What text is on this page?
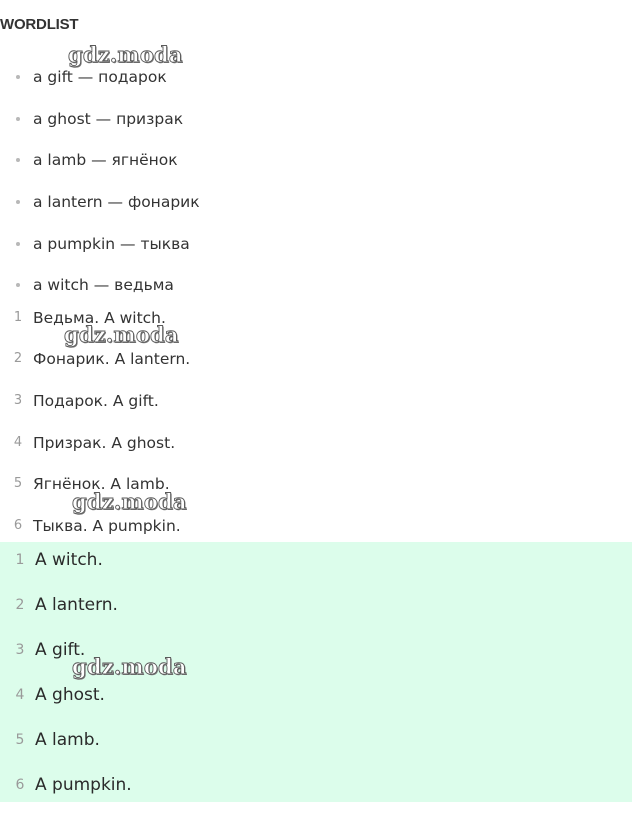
WORDLIST
a gift — подарок
a ghost — призрак
a lamb — ягнёнок
a lantern — фонарик
a pumpkin — тыква
a witch — ведьма
1 Ведьма. A witch.
2 Фонарик. A lantern.
3 Подарок. A gift.
4 Призрак. A ghost.
5 Ягнёнок. A lamb.
6 Тыква. A pumpkin.
1 A witch.
2 A lantern.
3 A gift.
4 A ghost.
5 A lamb.
6 A pumpkin.
gdz.moda
gdz.moda
gdz.moda
gdz.moda
